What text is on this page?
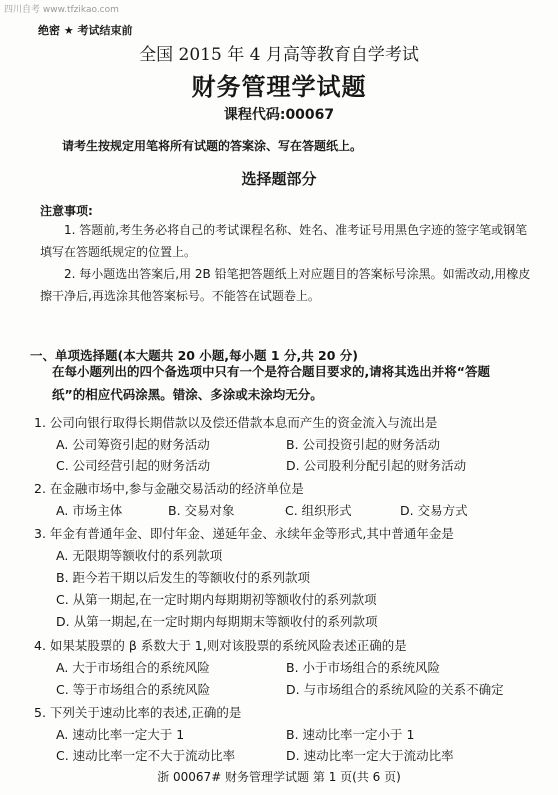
四川自考 www.tfzikao.com
绝密 ★ 考试结束前
全国 2015 年 4 月高等教育自学考试
财务管理学试题
课程代码:00067
请考生按规定用笔将所有试题的答案涂、写在答题纸上。
选择题部分
注意事项:
1. 答题前,考生务必将自己的考试课程名称、姓名、准考证号用黑色字迹的签字笔或钢笔填写在答题纸规定的位置上。
2. 每小题选出答案后,用 2B 铅笔把答题纸上对应题目的答案标号涂黑。如需改动,用橡皮擦干净后,再选涂其他答案标号。不能答在试题卷上。
一、单项选择题(本大题共 20 小题,每小题 1 分,共 20 分)
在每小题列出的四个备选项中只有一个是符合题目要求的,请将其选出并将“答题纸”的相应代码涂黑。错涂、多涂或未涂均无分。
1. 公司向银行取得长期借款以及偿还借款本息而产生的资金流入与流出是
A. 公司筹资引起的财务活动	B. 公司投资引起的财务活动
C. 公司经营引起的财务活动	D. 公司股利分配引起的财务活动
2. 在金融市场中,参与金融交易活动的经济单位是
A. 市场主体	B. 交易对象	C. 组织形式	D. 交易方式
3. 年金有普通年金、即付年金、递延年金、永续年金等形式,其中普通年金是
A. 无限期等额收付的系列款项
B. 距今若干期以后发生的等额收付的系列款项
C. 从第一期起,在一定时期内每期期初等额收付的系列款项
D. 从第一期起,在一定时期内每期期末等额收付的系列款项
4. 如果某股票的 β 系数大于 1,则对该股票的系统风险表述正确的是
A. 大于市场组合的系统风险	B. 小于市场组合的系统风险
C. 等于市场组合的系统风险	D. 与市场组合的系统风险的关系不确定
5. 下列关于速动比率的表述,正确的是
A. 速动比率一定大于 1	B. 速动比率一定小于 1
C. 速动比率一定不大于流动比率	D. 速动比率一定大于流动比率
浙 00067# 财务管理学试题 第 1 页(共 6 页)
